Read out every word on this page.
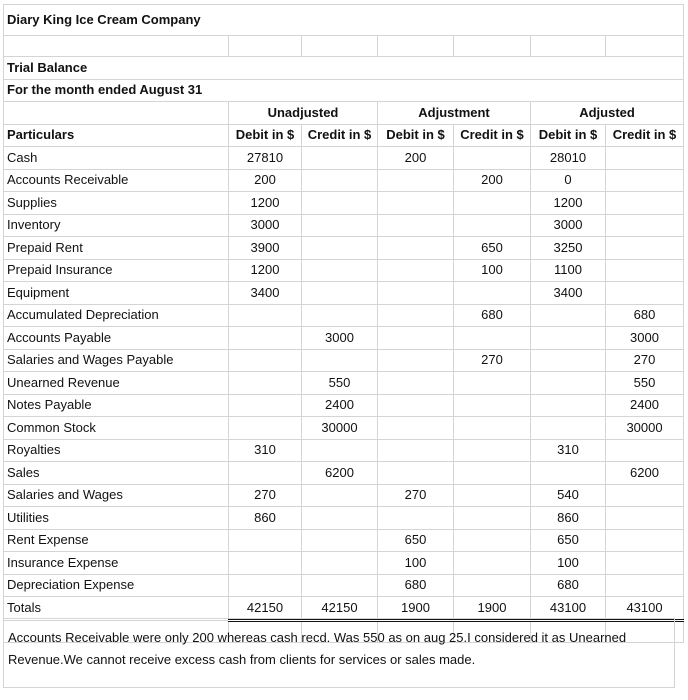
Diary King Ice Cream Company						

Trial Balance						
For the month ended August 31						
	Unadjusted		Adjustment		Adjusted	
Particulars	Debit in $	Credit in $	Debit in $	Credit in $	Debit in $	Credit in $
Cash	27810		200		28010	
Accounts Receivable	200			200	0	
Supplies	1200				1200	
Inventory	3000				3000	
Prepaid Rent	3900			650	3250	
Prepaid Insurance	1200			100	1100	
Equipment	3400				3400	
Accumulated Depreciation				680		680
Accounts Payable		3000				3000
Salaries and Wages Payable				270		270
Unearned Revenue		550				550
Notes Payable		2400				2400
Common Stock		30000				30000
Royalties	310				310	
Sales		6200				6200
Salaries and Wages	270		270		540	
Utilities	860				860	
Rent Expense			650		650	
Insurance Expense			100		100	
Depreciation Expense			680		680	
Totals	42150	42150	1900	1900	43100	43100

Accounts Receivable were only 200 whereas cash recd. Was 550 as on aug 25.I considered it as Unearned Revenue.We cannot receive excess cash from clients for services or sales made.
